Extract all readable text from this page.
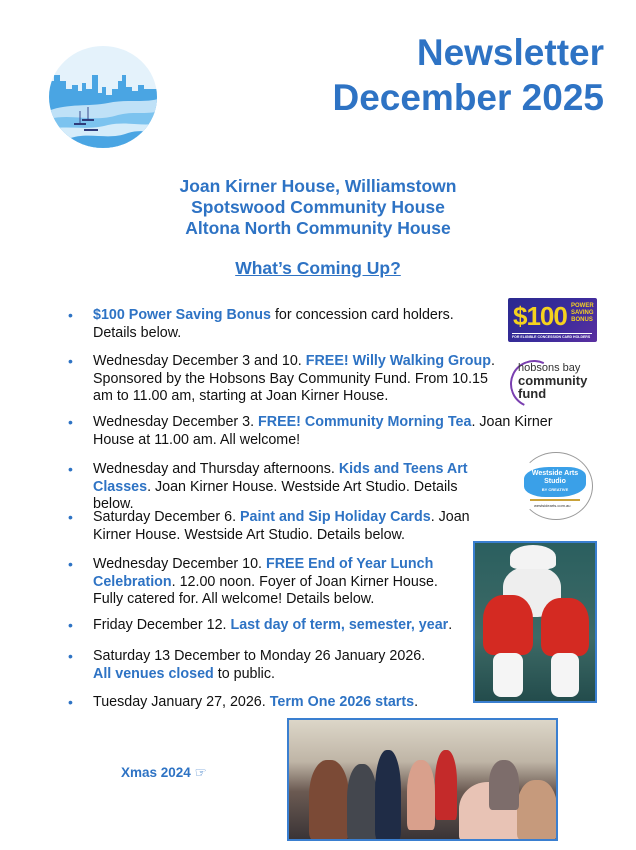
Newsletter
December 2025
Joan Kirner House, Williamstown
Spotswood Community House
Altona North Community House
What’s Coming Up?
• $100 Power Saving Bonus for concession card holders. Details below.
• Wednesday December 3 and 10. FREE! Willy Walking Group. Sponsored by the Hobsons Bay Community Fund. From 10.15 am to 11.00 am, starting at Joan Kirner House.
• Wednesday December 3. FREE! Community Morning Tea. Joan Kirner House at 11.00 am. All welcome!
• Wednesday and Thursday afternoons. Kids and Teens Art Classes. Joan Kirner House. Westside Art Studio. Details below.
• Saturday December 6. Paint and Sip Holiday Cards. Joan Kirner House. Westside Art Studio. Details below.
• Wednesday December 10. FREE End of Year Lunch Celebration. 12.00 noon. Foyer of Joan Kirner House. Fully catered for. All welcome! Details below.
• Friday December 12. Last day of term, semester, year.
• Saturday 13 December to Monday 26 January 2026. All venues closed to public.
• Tuesday January 27, 2026. Term One 2026 starts.
$100 POWER SAVING BONUS
FOR ELIGIBLE CONCESSION CARD HOLDERS
hobsons bay
community
fund
Westside Arts Studio
BY CREATIVE
westsidearts.com.au
Xmas 2024 ☞
